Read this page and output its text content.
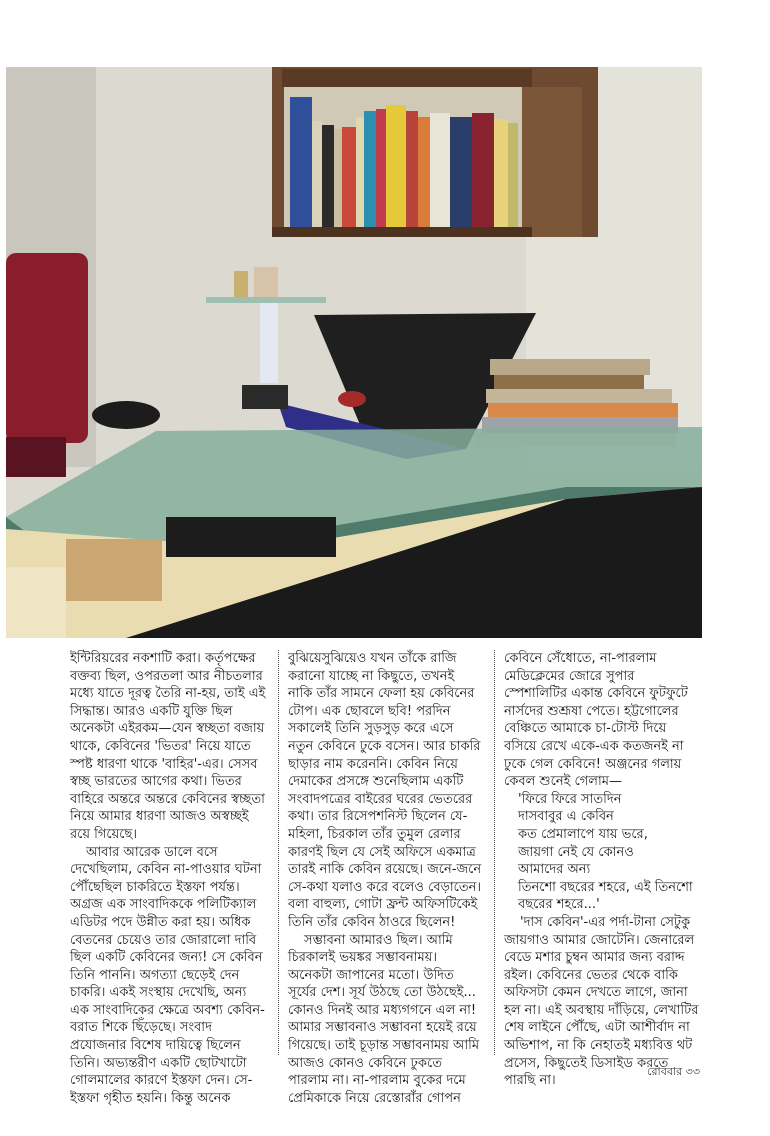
ইন্টিরিয়রের নকশাটি করা। কর্তৃপক্ষের বক্তব্য ছিল, ওপরতলা আর নীচতলার মধ্যে যাতে দূরত্ব তৈরি না-হয়, তাই এই সিদ্ধান্ত। আরও একটি যুক্তি ছিল অনেকটা এইরকম—যেন স্বচ্ছতা বজায় থাকে, কেবিনের 'ভিতর' নিয়ে যাতে স্পষ্ট ধারণা থাকে 'বাহির'-এর। সেসব স্বচ্ছ ভারতের আগের কথা। ভিতর বাহিরে অন্তরে অন্তরে কেবিনের স্বচ্ছতা নিয়ে আমার ধারণা আজও অস্বচ্ছই রয়ে গিয়েছে।

আবার আরেক ডালে বসে দেখেছিলাম, কেবিন না-পাওয়ার ঘটনা পৌঁছেছিল চাকরিতে ইস্তফা পর্যন্ত। অগ্রজ এক সাংবাদিককে পলিটিক্যাল এডিটর পদে উন্নীত করা হয়। অধিক বেতনের চেয়েও তার জোরালো দাবি ছিল একটি কেবিনের জন্য! সে কেবিন তিনি পাননি। অগত্যা ছেড়েই দেন চাকরি। একই সংস্থায় দেখেছি, অন্য এক সাংবাদিকের ক্ষেত্রে অবশ্য কেবিন-বরাত শিকে ছিঁড়েছে। সংবাদ প্রযোজনার বিশেষ দায়িত্বে ছিলেন তিনি। অভ্যন্তরীণ একটি ছোটখাটো গোলমালের কারণে ইস্তফা দেন। সে-ইস্তফা গৃহীত হয়নি। কিন্তু অনেক

বুঝিয়েসুঝিয়েও যখন তাঁকে রাজি করানো যাচ্ছে না কিছুতে, তখনই নাকি তাঁর সামনে ফেলা হয় কেবিনের টোপ। এক ছোবলে ছবি! পরদিন সকালেই তিনি সুড়সুড় করে এসে নতুন কেবিনে ঢুকে বসেন। আর চাকরি ছাড়ার নাম করেননি। কেবিন নিয়ে দেমাকের প্রসঙ্গে শুনেছিলাম একটি সংবাদপত্রের বাইরের ঘরের ভেতরের কথা। তার রিসেপশনিস্ট ছিলেন যে-মহিলা, চিরকাল তাঁর তুমুল রেলার কারণই ছিল যে সেই অফিসে একমাত্র তারই নাকি কেবিন রয়েছে। জনে-জনে সে-কথা যলাও করে বলেও বেড়াতেন। বলা বাহুল্য, গোটা ফ্রন্ট অফিসটিকেই তিনি তাঁর কেবিন ঠাওরে ছিলেন!

সম্ভাবনা আমারও ছিল। আমি চিরকালই ভয়ঙ্কর সম্ভাবনাময়। অনেকটা জাপানের মতো। উদিত সূর্যের দেশ। সূর্য উঠছে তো উঠছেই... কোনও দিনই আর মধ্যগগনে এল না! আমার সম্ভাবনাও সম্ভাবনা হয়েই রয়ে গিয়েছে। তাই চূড়ান্ত সম্ভাবনাময় আমি আজও কোনও কেবিনে ঢুকতে পারলাম না। না-পারলাম বুকের দমে প্রেমিকাকে নিয়ে রেস্তোরাঁর গোপন

কেবিনে সেঁধোতে, না-পারলাম মেডিক্লেমের জোরে সুপার স্পেশালিটির একান্ত কেবিনে ফুটফুটে নার্সদের শুশ্রূষা পেতে। হট্টগোলের বেঞ্চিতে আমাকে চা-টোস্ট দিয়ে বসিয়ে রেখে একে-এক কতজনই না ঢুকে গেল কেবিনে! অঞ্জনের গলায় কেবল শুনেই গেলাম—

'ফিরে ফিরে সাতদিন

দাসবাবুর এ কেবিন

কত প্রেমালাপে যায় ভরে,

জায়গা নেই যে কোনও

আমাদের অন্য

তিনশো বছরের শহরে, এই তিনশো বছরের শহরে...'

'দাস কেবিন'-এর পর্দা-টানা সেটুকু জায়গাও আমার জোটেনি। জেনারেল বেডে মশার চুম্বন আমার জন্য বরাদ্দ রইল। কেবিনের ভেতর থেকে বাকি অফিসটা কেমন দেখতে লাগে, জানা হল না। এই অবস্থায় দাঁড়িয়ে, লেখাটির শেষ লাইনে পৌঁছে, এটা আশীর্বাদ না অভিশাপ, না কি নেহাতই মধ্যবিত্ত থট প্রসেস, কিছুতেই ডিসাইড করতে পারছি না।

রোববার ৩৩
